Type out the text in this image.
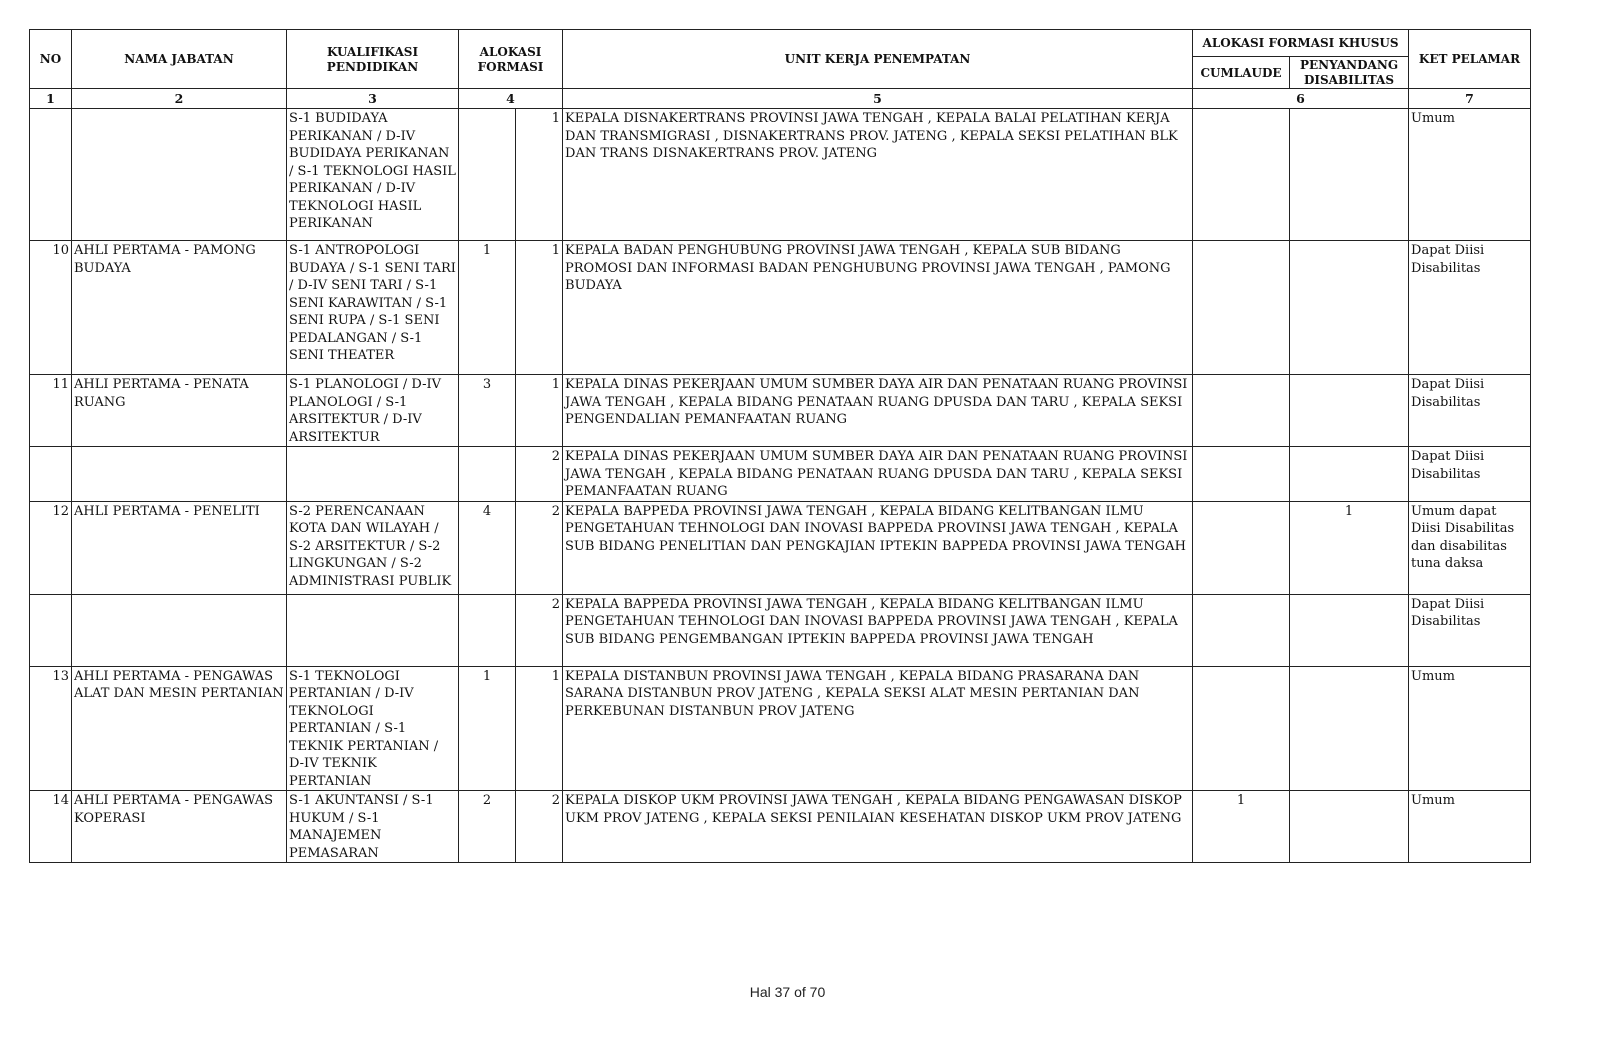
NO	NAMA JABATAN	KUALIFIKASI PENDIDIKAN	ALOKASI FORMASI		UNIT KERJA PENEMPATAN	ALOKASI FORMASI KHUSUS		KET PELAMAR
						CUMLAUDE	PENYANDANG DISABILITAS	
1	2	3	4		5	6		7
		S-1 BUDIDAYA PERIKANAN / D-IV BUDIDAYA PERIKANAN / S-1 TEKNOLOGI HASIL PERIKANAN / D-IV TEKNOLOGI HASIL PERIKANAN		1	KEPALA DISNAKERTRANS PROVINSI JAWA TENGAH , KEPALA BALAI PELATIHAN KERJA DAN TRANSMIGRASI , DISNAKERTRANS PROV. JATENG , KEPALA SEKSI PELATIHAN BLK DAN TRANS DISNAKERTRANS PROV. JATENG			Umum
10	AHLI PERTAMA - PAMONG BUDAYA	S-1 ANTROPOLOGI BUDAYA / S-1 SENI TARI / D-IV SENI TARI / S-1 SENI KARAWITAN / S-1 SENI RUPA / S-1 SENI PEDALANGAN / S-1 SENI THEATER	1	1	KEPALA BADAN PENGHUBUNG PROVINSI JAWA TENGAH , KEPALA SUB BIDANG PROMOSI DAN INFORMASI BADAN PENGHUBUNG PROVINSI JAWA TENGAH , PAMONG BUDAYA			Dapat Diisi Disabilitas
11	AHLI PERTAMA - PENATA RUANG	S-1 PLANOLOGI / D-IV PLANOLOGI / S-1 ARSITEKTUR / D-IV ARSITEKTUR	3	1	KEPALA DINAS PEKERJAAN UMUM SUMBER DAYA AIR DAN PENATAAN RUANG PROVINSI JAWA TENGAH , KEPALA BIDANG PENATAAN RUANG DPUSDA DAN TARU , KEPALA SEKSI PENGENDALIAN PEMANFAATAN RUANG			Dapat Diisi Disabilitas
				2	KEPALA DINAS PEKERJAAN UMUM SUMBER DAYA AIR DAN PENATAAN RUANG PROVINSI JAWA TENGAH , KEPALA BIDANG PENATAAN RUANG DPUSDA DAN TARU , KEPALA SEKSI PEMANFAATAN RUANG			Dapat Diisi Disabilitas
12	AHLI PERTAMA - PENELITI	S-2 PERENCANAAN KOTA DAN WILAYAH / S-2 ARSITEKTUR / S-2 LINGKUNGAN / S-2 ADMINISTRASI PUBLIK	4	2	KEPALA BAPPEDA PROVINSI JAWA TENGAH , KEPALA BIDANG KELITBANGAN ILMU PENGETAHUAN TEHNOLOGI DAN INOVASI BAPPEDA PROVINSI JAWA TENGAH , KEPALA SUB BIDANG PENELITIAN DAN PENGKAJIAN IPTEKIN BAPPEDA PROVINSI JAWA TENGAH		1	Umum dapat Diisi Disabilitas dan disabilitas tuna daksa
				2	KEPALA BAPPEDA PROVINSI JAWA TENGAH , KEPALA BIDANG KELITBANGAN ILMU PENGETAHUAN TEHNOLOGI DAN INOVASI BAPPEDA PROVINSI JAWA TENGAH , KEPALA SUB BIDANG PENGEMBANGAN IPTEKIN BAPPEDA PROVINSI JAWA TENGAH			Dapat Diisi Disabilitas
13	AHLI PERTAMA - PENGAWAS ALAT DAN MESIN PERTANIAN	S-1 TEKNOLOGI PERTANIAN / D-IV TEKNOLOGI PERTANIAN / S-1 TEKNIK PERTANIAN / D-IV TEKNIK PERTANIAN	1	1	KEPALA DISTANBUN PROVINSI JAWA TENGAH , KEPALA BIDANG PRASARANA DAN SARANA DISTANBUN PROV JATENG , KEPALA SEKSI ALAT MESIN PERTANIAN DAN PERKEBUNAN DISTANBUN PROV JATENG			Umum
14	AHLI PERTAMA - PENGAWAS KOPERASI	S-1 AKUNTANSI / S-1 HUKUM / S-1 MANAJEMEN PEMASARAN	2	2	KEPALA DISKOP UKM PROVINSI JAWA TENGAH , KEPALA BIDANG PENGAWASAN DISKOP UKM PROV JATENG , KEPALA SEKSI PENILAIAN KESEHATAN DISKOP UKM PROV JATENG	1		Umum
Hal 37 of 70
